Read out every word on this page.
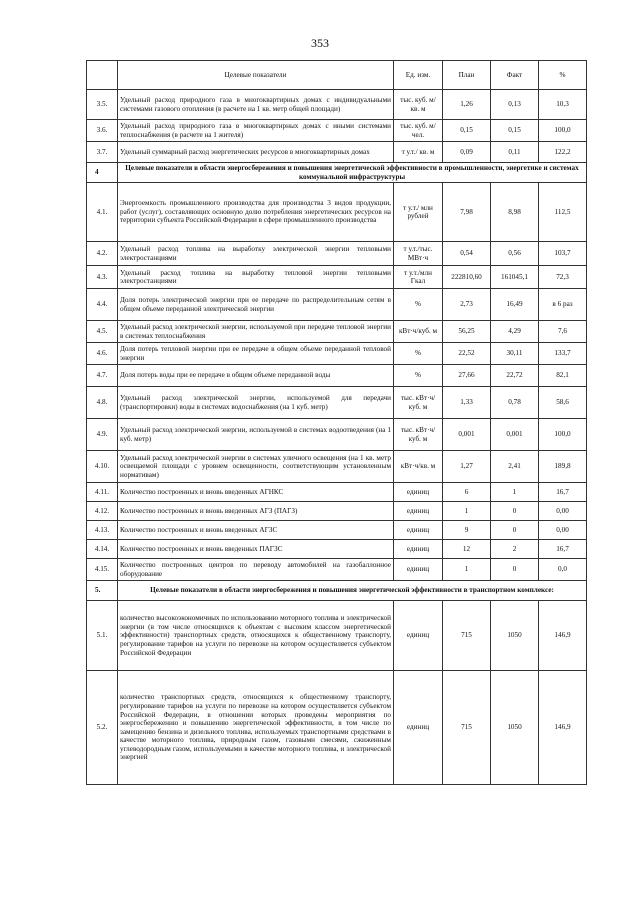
353
	Целевые показатели	Ед. изм.	План	Факт	%
3.5.	Удельный расход природного газа в многоквартирных домах с индивидуальными системами газового отопления (в расчете на 1 кв. метр общей площади)	тыс. куб. м/кв. м	1,26	0,13	10,3
3.6.	Удельный расход природного газа в многоквартирных домах с иными системами теплоснабжения (в расчете на 1 жителя)	тыс. куб. м/чел.	0,15	0,15	100,0
3.7.	Удельный суммарный расход энергетических ресурсов в многоквартирных домах	т у.т./ кв. м	0,09	0,11	122,2
4	Целевые показатели в области энергосбережения и повышения энергетической эффективности в промышленности, энергетике и системах коммунальной инфраструктуры				
4.1.	Энергоемкость промышленного производства для производства 3 видов продукции, работ (услуг), составляющих основную долю потребления энергетических ресурсов на территории субъекта Российской Федерации в сфере промышленного производства	т у.т./ млн рублей	7,98	8,98	112,5
4.2.	Удельный расход топлива на выработку электрической энергии тепловыми электростанциями	т у.т./тыс. МВт·ч	0,54	0,56	103,7
4.3.	Удельный расход топлива на выработку тепловой энергии тепловыми электростанциями	т у.т./млн Гкал	222810,60	161045,1	72,3
4.4.	Доля потерь электрической энергии при ее передаче по распределительным сетям в общем объеме переданной электрической энергии	%	2,73	16,49	в 6 раз
4.5.	Удельный расход электрической энергии, используемой при передаче тепловой энергии в системах теплоснабжения	кВт·ч/куб. м	56,25	4,29	7,6
4.6.	Доля потерь тепловой энергии при ее передаче в общем объеме переданной тепловой энергии	%	22,52	30,11	133,7
4.7.	Доля потерь воды при ее передаче в общем объеме переданной воды	%	27,66	22,72	82,1
4.8.	Удельный расход электрической энергии, используемой для передачи (транспортировки) воды в системах водоснабжения (на 1 куб. метр)	тыс. кВт·ч/куб. м	1,33	0,78	58,6
4.9.	Удельный расход электрической энергии, используемой в системах водоотведения (на 1 куб. метр)	тыс. кВт·ч/куб. м	0,001	0,001	100,0
4.10.	Удельный расход электрической энергии в системах уличного освещения (на 1 кв. метр освещаемой площади с уровнем освещенности, соответствующим установленным нормативам)	кВт·ч/кв. м	1,27	2,41	189,8
4.11.	Количество построенных и вновь введенных АГНКС	единиц	6	1	16,7
4.12.	Количество построенных и вновь введенных АГЗ (ПАГЗ)	единиц	1	0	0,00
4.13.	Количество построенных и вновь введенных АГЗС	единиц	9	0	0,00
4.14.	Количество построенных и вновь введенных ПАГЗС	единиц	12	2	16,7
4.15.	Количество построенных центров по переводу автомобилей на газобаллонное оборудование	единиц	1	0	0,0
5.	Целевые показатели в области энергосбережения и повышения энергетической эффективности в транспортном комплексе:				
5.1.	количество высокоэкономичных по использованию моторного топлива и электрической энергии (в том числе относящихся к объектам с высоким классом энергетической эффективности) транспортных средств, относящихся к общественному транспорту, регулирование тарифов на услуги по перевозке на котором осуществляется субъектом Российской Федерации	единиц	715	1050	146,9
5.2.	количество транспортных средств, относящихся к общественному транспорту, регулирование тарифов на услуги по перевозке на котором осуществляется субъектом Российской Федерации, в отношении которых проведены мероприятия по энергосбережению и повышению энергетической эффективности, в том числе по замещению бензина и дизельного топлива, используемых транспортными средствами в качестве моторного топлива, природным газом, газовыми смесями, сжиженным углеводородным газом, используемыми в качестве моторного топлива, и электрической энергией	единиц	715	1050	146,9
